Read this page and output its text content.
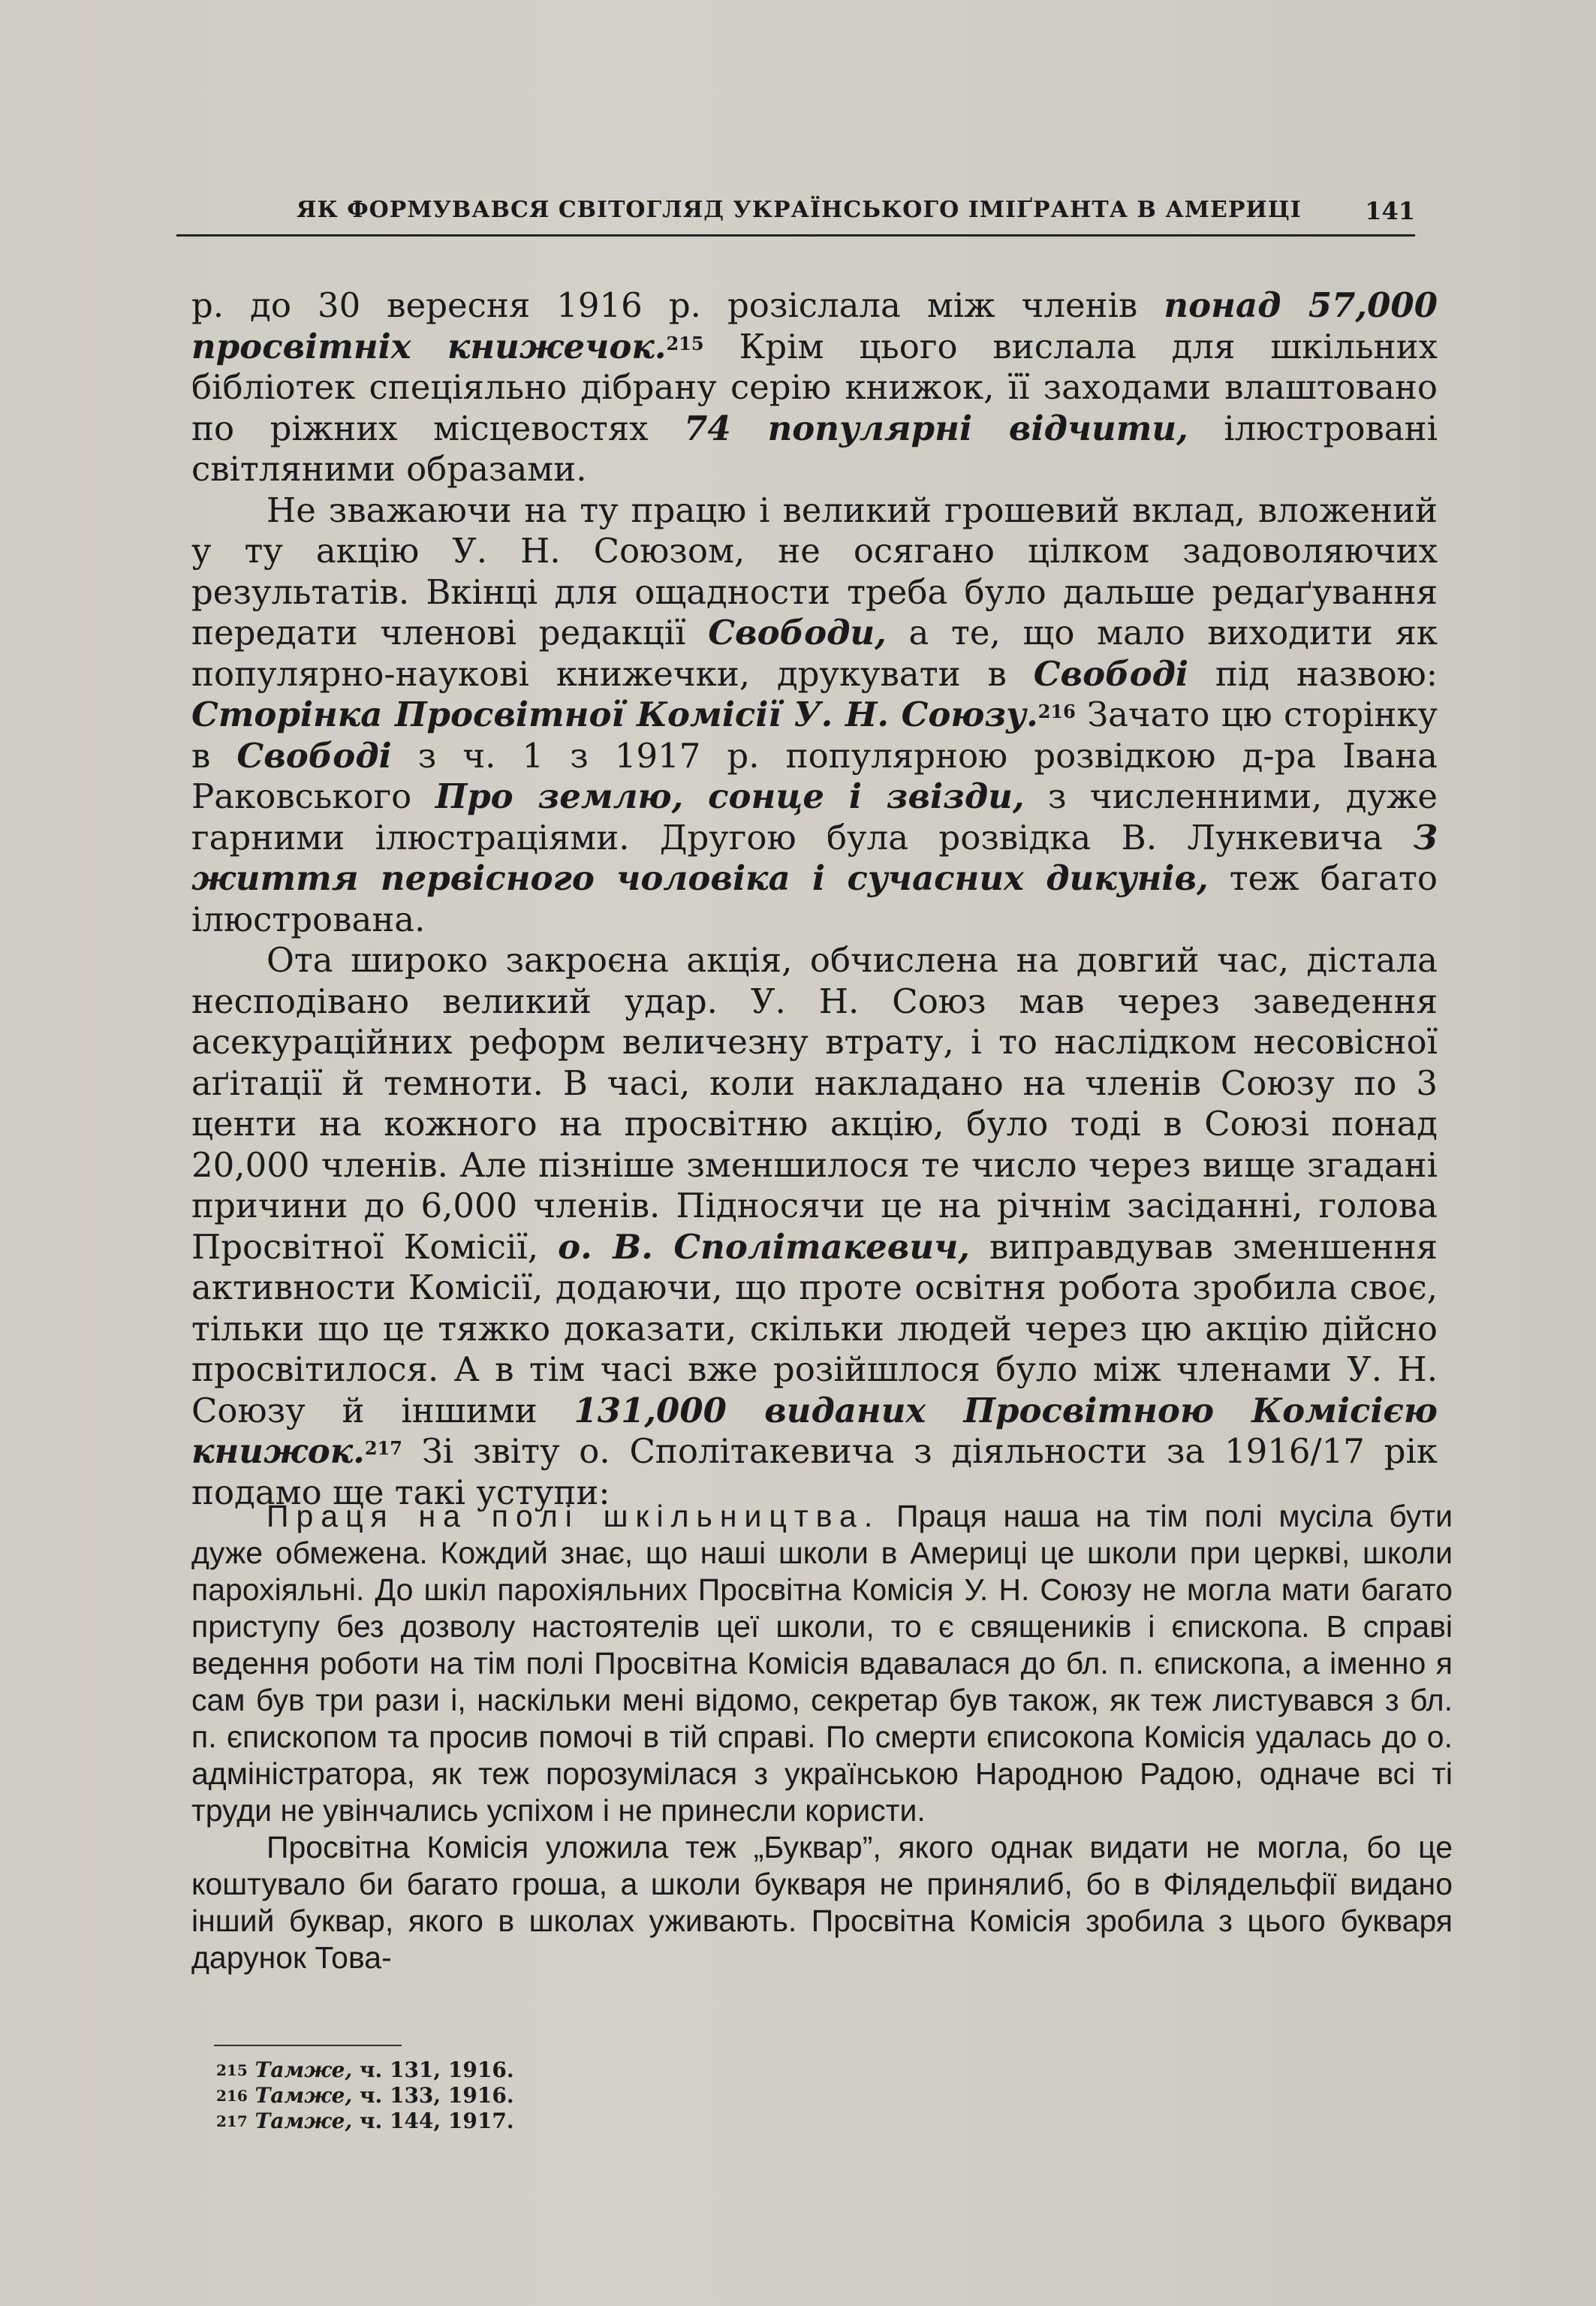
ЯК ФОРМУВАВСЯ СВІТОГЛЯД УКРАЇНСЬКОГО ІМІҐРАНТА В АМЕРИЦІ	141

р. до 30 вересня 1916 р. розіслала між членів понад 57,000 просвітніх книжечок.$^{215}$ Крім цього вислала для шкільних бібліотек спеціяльно дібрану серію книжок, її заходами влаштовано по ріжних місцевостях 74 популярні відчити, ілюстровані світляними образами.

Не зважаючи на ту працю і великий грошевий вклад, вложений у ту акцію У. Н. Союзом, не осягано цілком задоволяючих результатів. Вкінці для ощадности треба було дальше редаґування передати членові редакції Свободи, а те, що мало виходити як популярно-наукові книжечки, друкувати в Свободі під назвою: Сторінка Просвітної Комісії У. Н. Союзу.$^{216}$ Зачато цю сторінку в Свободі з ч. 1 з 1917 р. популярною розвідкою д-ра Івана Раковського Про землю, сонце і звізди, з численними, дуже гарними ілюстраціями. Другою була розвідка В. Лункевича З життя первісного чоловіка і сучасних дикунів, теж багато ілюстрована.

Ота широко закроєна акція, обчислена на довгий час, дістала несподівано великий удар. У. Н. Союз мав через заведення асекураційних реформ величезну втрату, і то наслідком несовісної аґітації й темноти. В часі, коли накладано на членів Союзу по 3 центи на кожного на просвітню акцію, було тоді в Союзі понад 20,000 членів. Але пізніше зменшилося те число через вище згадані причини до 6,000 членів. Підносячи це на річнім засіданні, голова Просвітної Комісії, о. В. Сполітакевич, виправдував зменшення активности Комісії, додаючи, що проте освітня робота зробила своє, тільки що це тяжко доказати, скільки людей через цю акцію дійсно просвітилося. А в тім часі вже розійшлося було між членами У. Н. Союзу й іншими 131,000 виданих Просвітною Комісією книжок.$^{217}$ Зі звіту о. Сполітакевича з діяльности за 1916/17 рік подамо ще такі уступи:

Праця на полі шкільництва. Праця наша на тім полі мусіла бути дуже обмежена. Кождий знає, що наші школи в Америці це школи при церкві, школи парохіяльні. До шкіл парохіяльних Просвітна Комісія У. Н. Союзу не могла мати багато приступу без дозволу настоятелів цеї школи, то є священиків і єпископа. В справі ведення роботи на тім полі Просвітна Комісія вдавалася до бл. п. єпископа, а іменно я сам був три рази і, наскільки мені відомо, секретар був також, як теж листувався з бл. п. єпископом та просив помочі в тій справі. По смерти єписокопа Комісія удалась до о. адміністратора, як теж порозумілася з українською Народною Радою, одначе всі ті труди не увінчались успіхом і не принесли користи.

Просвітна Комісія уложила теж „Буквар”, якого однак видати не могла, бо це коштувало би багато гроша, а школи букваря не принялиб, бо в Філядельфії видано інший буквар, якого в школах уживають. Просвітна Комісія зробила з цього букваря дарунок Това-

$^{215}$ Тамже, ч. 131, 1916.
$^{216}$ Тамже, ч. 133, 1916.
$^{217}$ Тамже, ч. 144, 1917.
